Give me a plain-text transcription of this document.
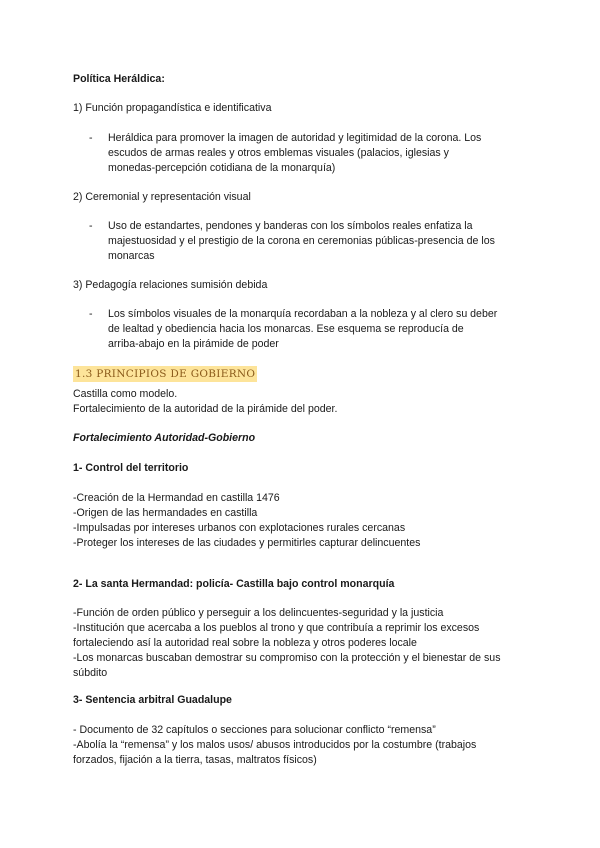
Política Heráldica:
1) Función propagandística e identificativa
- Heráldica para promover la imagen de autoridad y legitimidad de la corona. Los
escudos de armas reales y otros emblemas visuales (palacios, iglesias y
monedas-percepción cotidiana de la monarquía)
2) Ceremonial y representación visual
- Uso de estandartes, pendones y banderas con los símbolos reales enfatiza la
majestuosidad y el prestigio de la corona en ceremonias públicas-presencia de los
monarcas
3) Pedagogía relaciones sumisión debida
- Los símbolos visuales de la monarquía recordaban a la nobleza y al clero su deber
de lealtad y obediencia hacia los monarcas. Ese esquema se reproducía de
arriba-abajo en la pirámide de poder
1.3 PRINCIPIOS DE GOBIERNO
Castilla como modelo.
Fortalecimiento de la autoridad de la pirámide del poder.
Fortalecimiento Autoridad-Gobierno
1- Control del territorio
-Creación de la Hermandad en castilla 1476
-Origen de las hermandades en castilla
-Impulsadas por intereses urbanos con explotaciones rurales cercanas
-Proteger los intereses de las ciudades y permitirles capturar delincuentes
2- La santa Hermandad: policía- Castilla bajo control monarquía
-Función de orden público y perseguir a los delincuentes-seguridad y la justicia
-Institución que acercaba a los pueblos al trono y que contribuía a reprimir los excesos
fortaleciendo así la autoridad real sobre la nobleza y otros poderes locale
-Los monarcas buscaban demostrar su compromiso con la protección y el bienestar de sus
súbdito
3- Sentencia arbitral Guadalupe
- Documento de 32 capítulos o secciones para solucionar conflicto “remensa”
-Abolía la “remensa” y los malos usos/ abusos introducidos por la costumbre (trabajos
forzados, fijación a la tierra, tasas, maltratos físicos)
